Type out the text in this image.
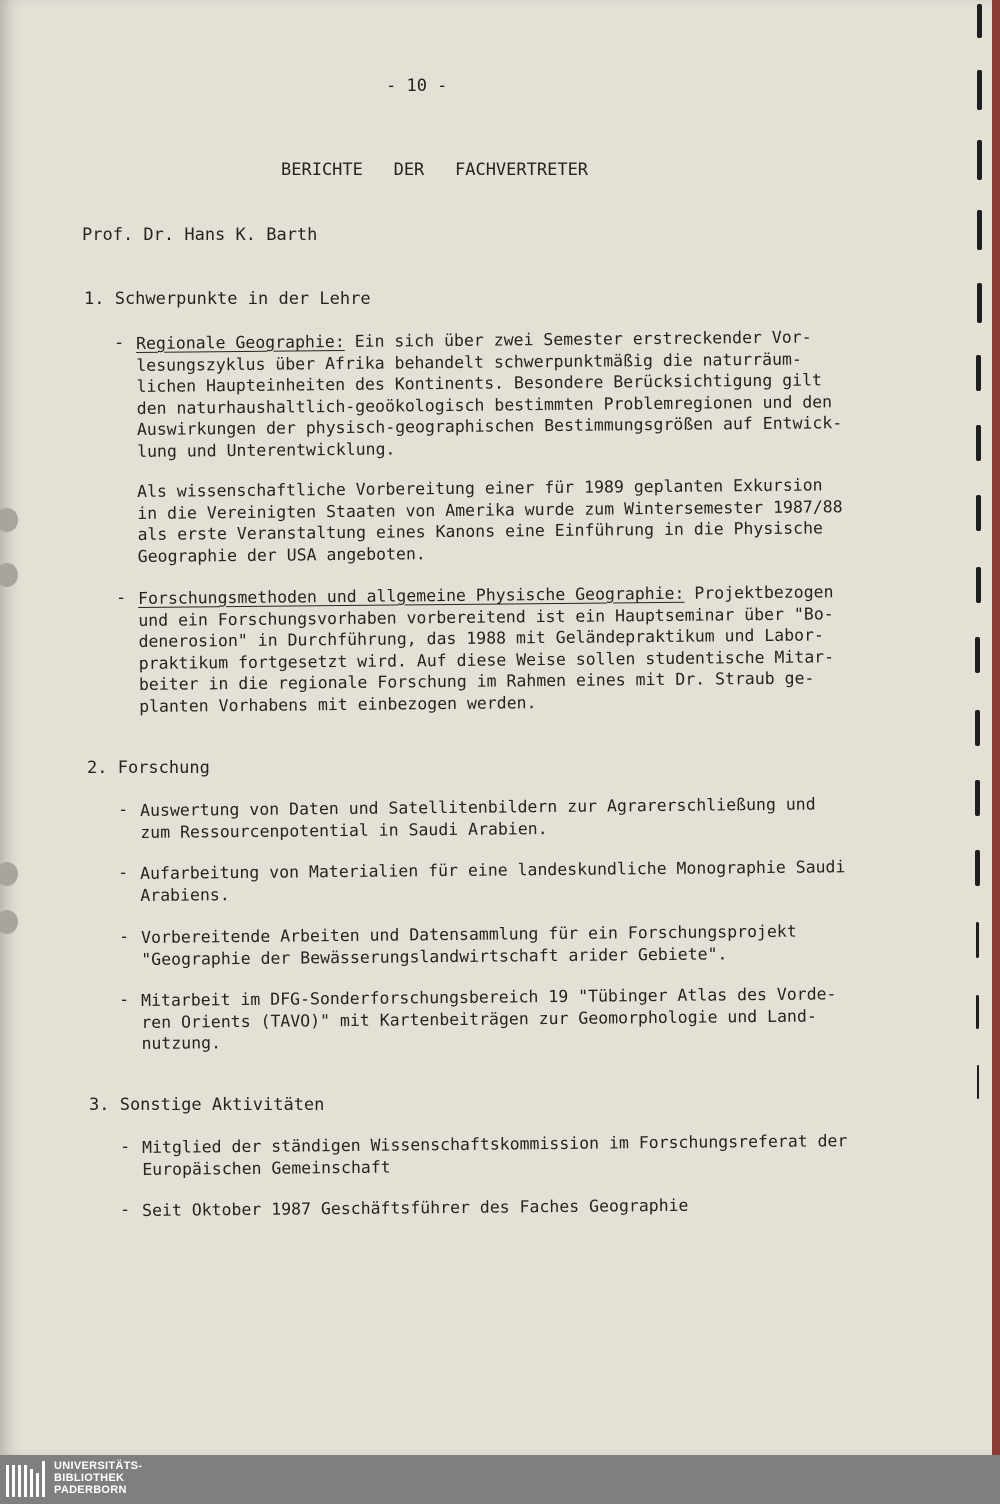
- 10 -

BERICHTE   DER   FACHVERTRETER

Prof. Dr. Hans K. Barth

1. Schwerpunkte in der Lehre

- Regionale Geographie: Ein sich über zwei Semester erstreckender Vor-
lesungszyklus über Afrika behandelt schwerpunktmäßig die naturräum-
lichen Haupteinheiten des Kontinents. Besondere Berücksichtigung gilt
den naturhaushaltlich-geoökologisch bestimmten Problemregionen und den
Auswirkungen der physisch-geographischen Bestimmungsgrößen auf Entwick-
lung und Unterentwicklung.

Als wissenschaftliche Vorbereitung einer für 1989 geplanten Exkursion
in die Vereinigten Staaten von Amerika wurde zum Wintersemester 1987/88
als erste Veranstaltung eines Kanons eine Einführung in die Physische
Geographie der USA angeboten.

- Forschungsmethoden und allgemeine Physische Geographie: Projektbezogen
und ein Forschungsvorhaben vorbereitend ist ein Hauptseminar über "Bo-
denerosion" in Durchführung, das 1988 mit Geländepraktikum und Labor-
praktikum fortgesetzt wird. Auf diese Weise sollen studentische Mitar-
beiter in die regionale Forschung im Rahmen eines mit Dr. Straub ge-
planten Vorhabens mit einbezogen werden.

2. Forschung

- Auswertung von Daten und Satellitenbildern zur Agrarerschließung und
zum Ressourcenpotential in Saudi Arabien.

- Aufarbeitung von Materialien für eine landeskundliche Monographie Saudi
Arabiens.

- Vorbereitende Arbeiten und Datensammlung für ein Forschungsprojekt
"Geographie der Bewässerungslandwirtschaft arider Gebiete".

- Mitarbeit im DFG-Sonderforschungsbereich 19 "Tübinger Atlas des Vorde-
ren Orients (TAVO)" mit Kartenbeiträgen zur Geomorphologie und Land-
nutzung.

3. Sonstige Aktivitäten

- Mitglied der ständigen Wissenschaftskommission im Forschungsreferat der
Europäischen Gemeinschaft

- Seit Oktober 1987 Geschäftsführer des Faches Geographie

UNIVERSITÄTS-
BIBLIOTHEK
PADERBORN
